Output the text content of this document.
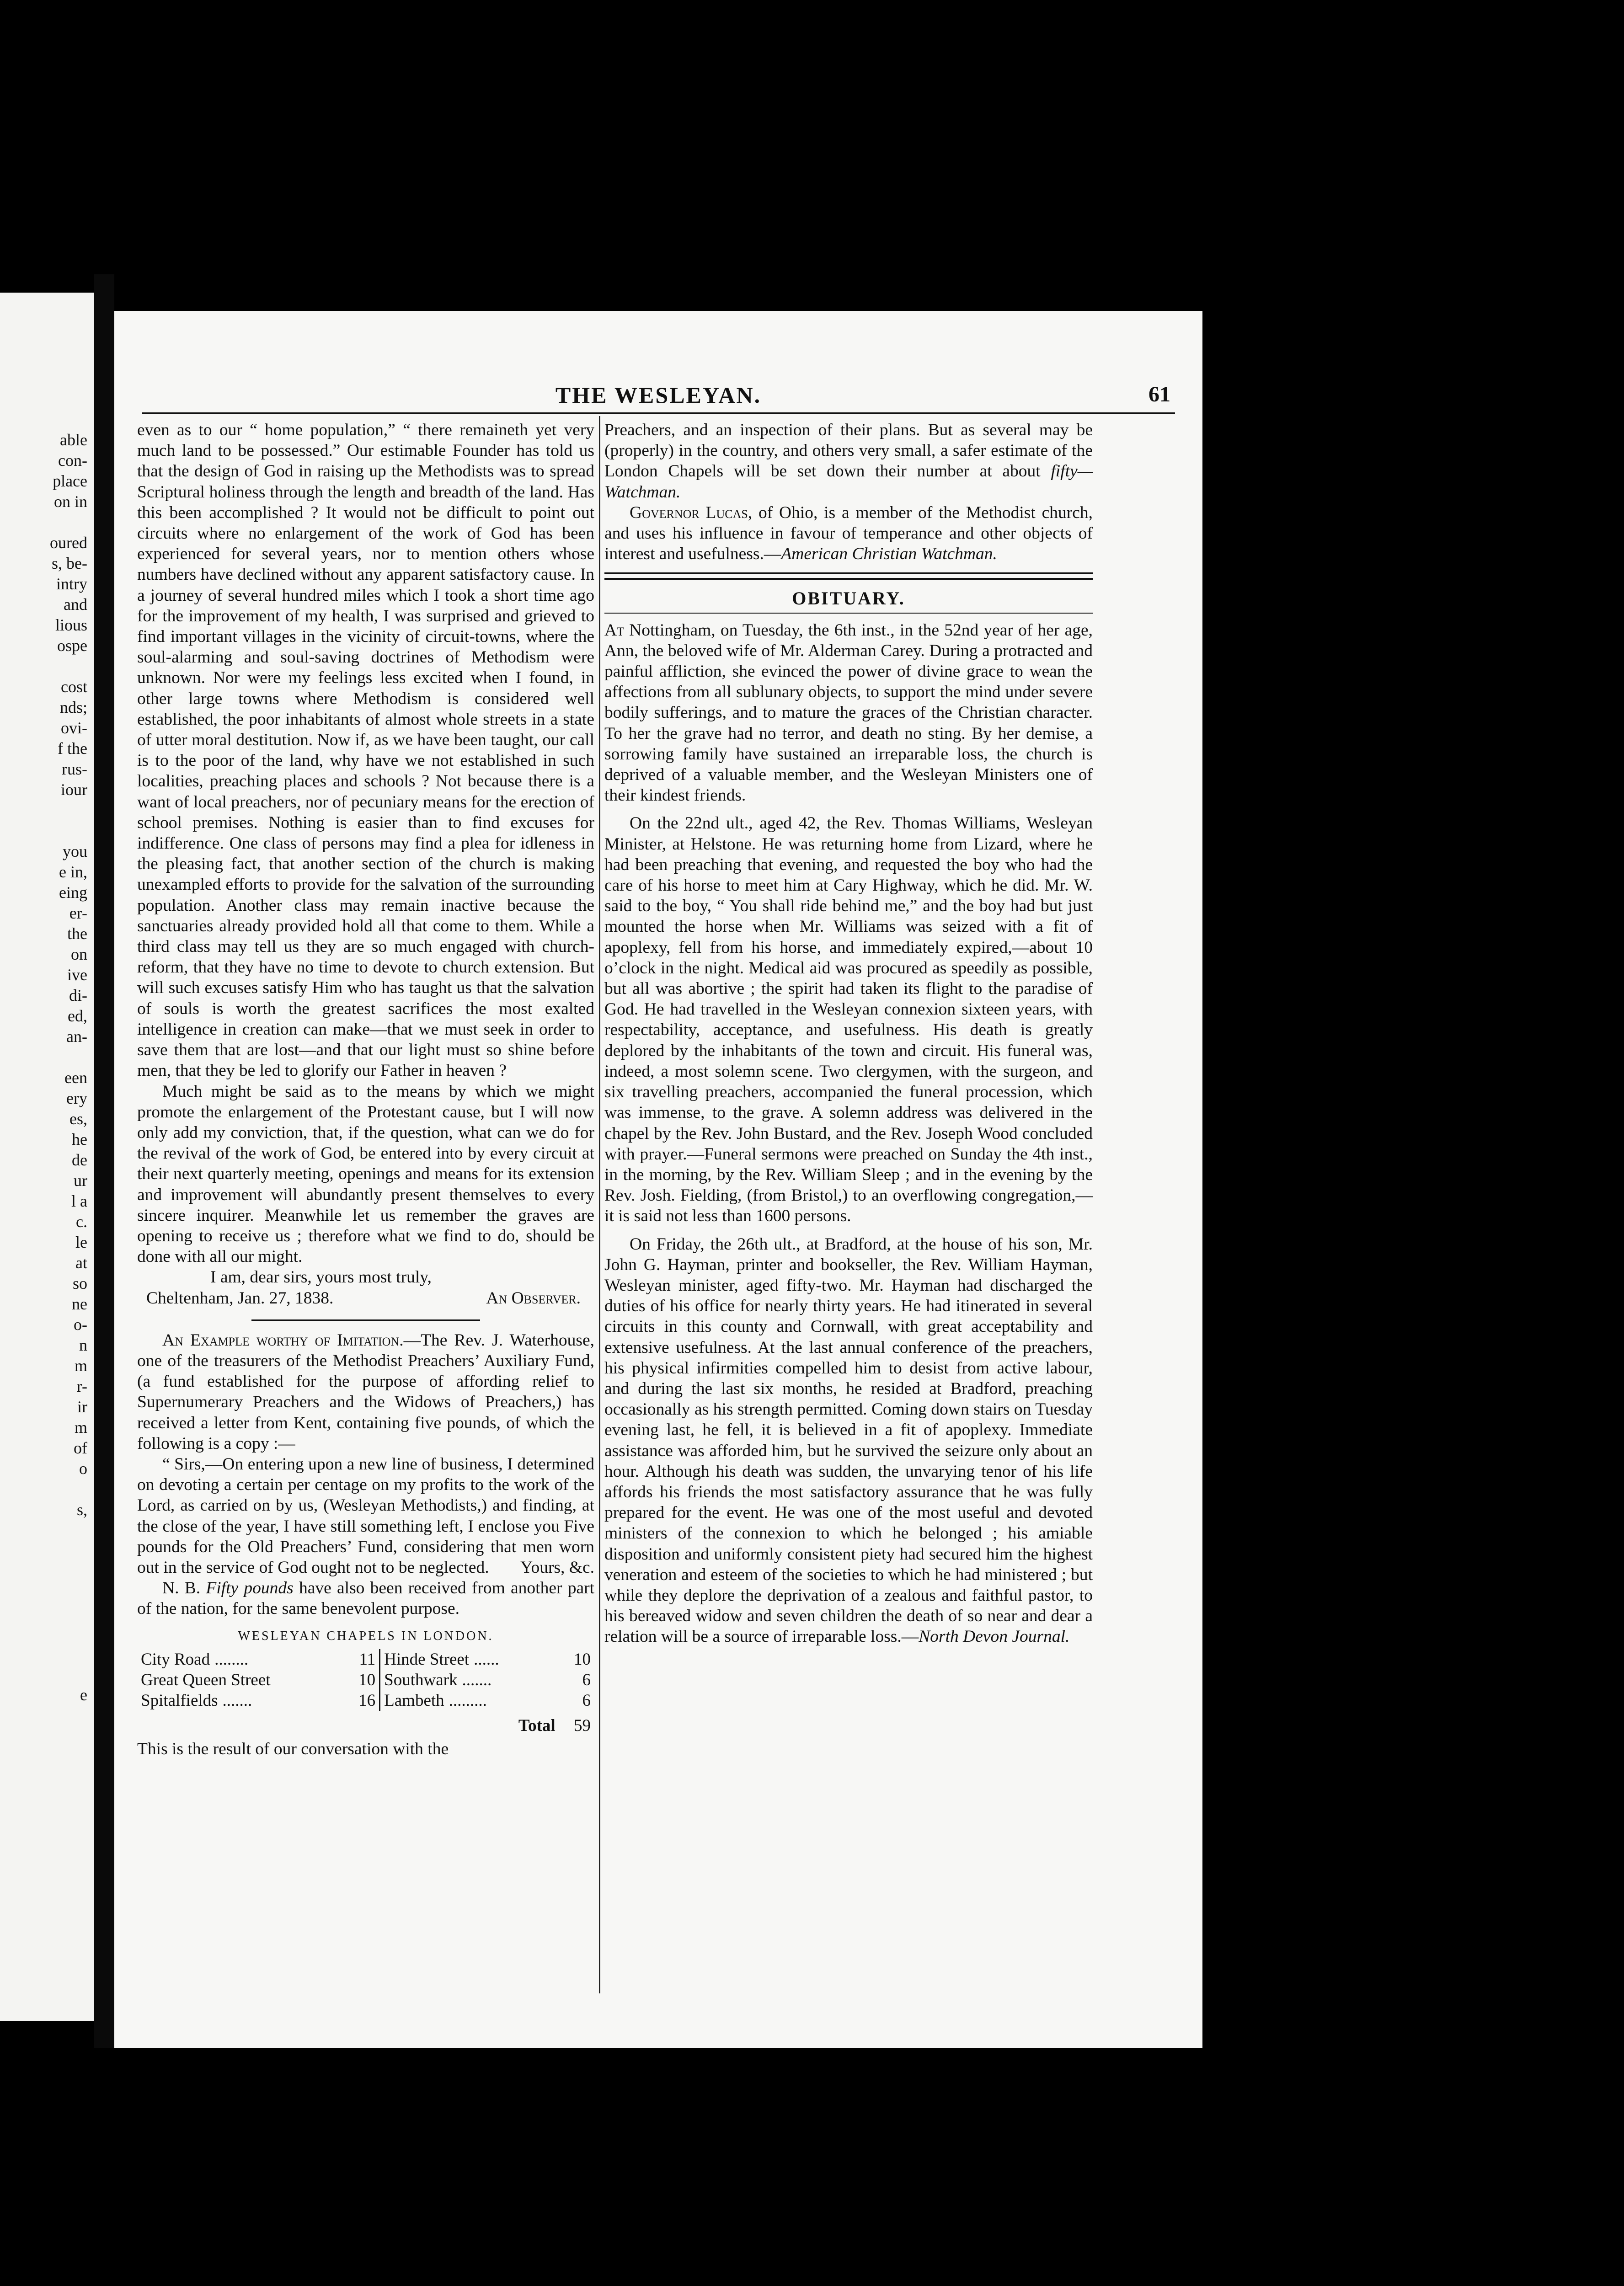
able
con-
place
on in
oured
s, be-
intry
and
lious
ospe
cost
nds;
ovi-
f the
rus-
iour
you
e in,
eing
er-
the
on
ive
di-
ed,
an-
een
ery
es,
he
de
ur
l a
c.
le
at
so
ne
o-
n
m
r-
ir
m
of
o
s,
e
THE WESLEYAN.	61

even as to our “ home population,” “ there remaineth yet very much land to be possessed.” Our estimable Founder has told us that the design of God in raising up the Methodists was to spread Scriptural holiness through the length and breadth of the land. Has this been accomplished ? It would not be difficult to point out circuits where no enlargement of the work of God has been experienced for several years, nor to mention others whose numbers have declined without any apparent satisfactory cause. In a journey of several hundred miles which I took a short time ago for the improvement of my health, I was surprised and grieved to find important villages in the vicinity of circuit-towns, where the soul-alarming and soul-saving doctrines of Methodism were unknown. Nor were my feelings less excited when I found, in other large towns where Methodism is considered well established, the poor inhabitants of almost whole streets in a state of utter moral destitution. Now if, as we have been taught, our call is to the poor of the land, why have we not established in such localities, preaching places and schools ? Not because there is a want of local preachers, nor of pecuniary means for the erection of school premises. Nothing is easier than to find excuses for indifference. One class of persons may find a plea for idleness in the pleasing fact, that another section of the church is making unexampled efforts to provide for the salvation of the surrounding population. Another class may remain inactive because the sanctuaries already provided hold all that come to them. While a third class may tell us they are so much engaged with church-reform, that they have no time to devote to church extension. But will such excuses satisfy Him who has taught us that the salvation of souls is worth the greatest sacrifices the most exalted intelligence in creation can make—that we must seek in order to save them that are lost—and that our light must so shine before men, that they be led to glorify our Father in heaven ?

Much might be said as to the means by which we might promote the enlargement of the Protestant cause, but I will now only add my conviction, that, if the question, what can we do for the revival of the work of God, be entered into by every circuit at their next quarterly meeting, openings and means for its extension and improvement will abundantly present themselves to every sincere inquirer. Meanwhile let us remember the graves are opening to receive us ; therefore what we find to do, should be done with all our might.

I am, dear sirs, yours most truly,

Cheltenham, Jan. 27, 1838.	An Observer.

An Example worthy of Imitation.—The Rev. J. Waterhouse, one of the treasurers of the Methodist Preachers’ Auxiliary Fund, (a fund established for the purpose of affording relief to Supernumerary Preachers and the Widows of Preachers,) has received a letter from Kent, containing five pounds, of which the following is a copy :—

“ Sirs,—On entering upon a new line of business, I determined on devoting a certain per centage on my profits to the work of the Lord, as carried on by us, (Wesleyan Methodists,) and finding, at the close of the year, I have still something left, I enclose you Five pounds for the Old Preachers’ Fund, considering that men worn out in the service of God ought not to be neglected.	Yours, &c.

N. B. Fifty pounds have also been received from another part of the nation, for the same benevolent purpose.

WESLEYAN CHAPELS IN LONDON.
City Road ........	11	Hinde Street ......	10
Great Queen Street	10	Southwark .......	6
Spitalfields .......	16	Lambeth .........	6
		Total	59

This is the result of our conversation with the

Preachers, and an inspection of their plans. But as several may be (properly) in the country, and others very small, a safer estimate of the London Chapels will be set down their number at about fifty—Watchman.

Governor Lucas, of Ohio, is a member of the Methodist church, and uses his influence in favour of temperance and other objects of interest and usefulness.—American Christian Watchman.

OBITUARY.

At Nottingham, on Tuesday, the 6th inst., in the 52nd year of her age, Ann, the beloved wife of Mr. Alderman Carey. During a protracted and painful affliction, she evinced the power of divine grace to wean the affections from all sublunary objects, to support the mind under severe bodily sufferings, and to mature the graces of the Christian character. To her the grave had no terror, and death no sting. By her demise, a sorrowing family have sustained an irreparable loss, the church is deprived of a valuable member, and the Wesleyan Ministers one of their kindest friends.

On the 22nd ult., aged 42, the Rev. Thomas Williams, Wesleyan Minister, at Helstone. He was returning home from Lizard, where he had been preaching that evening, and requested the boy who had the care of his horse to meet him at Cary Highway, which he did. Mr. W. said to the boy, “ You shall ride behind me,” and the boy had but just mounted the horse when Mr. Williams was seized with a fit of apoplexy, fell from his horse, and immediately expired,—about 10 o’clock in the night. Medical aid was procured as speedily as possible, but all was abortive ; the spirit had taken its flight to the paradise of God. He had travelled in the Wesleyan connexion sixteen years, with respectability, acceptance, and usefulness. His death is greatly deplored by the inhabitants of the town and circuit. His funeral was, indeed, a most solemn scene. Two clergymen, with the surgeon, and six travelling preachers, accompanied the funeral procession, which was immense, to the grave. A solemn address was delivered in the chapel by the Rev. John Bustard, and the Rev. Joseph Wood concluded with prayer.—Funeral sermons were preached on Sunday the 4th inst., in the morning, by the Rev. William Sleep ; and in the evening by the Rev. Josh. Fielding, (from Bristol,) to an overflowing congregation,—it is said not less than 1600 persons.

On Friday, the 26th ult., at Bradford, at the house of his son, Mr. John G. Hayman, printer and bookseller, the Rev. William Hayman, Wesleyan minister, aged fifty-two. Mr. Hayman had discharged the duties of his office for nearly thirty years. He had itinerated in several circuits in this county and Cornwall, with great acceptability and extensive usefulness. At the last annual conference of the preachers, his physical infirmities compelled him to desist from active labour, and during the last six months, he resided at Bradford, preaching occasionally as his strength permitted. Coming down stairs on Tuesday evening last, he fell, it is believed in a fit of apoplexy. Immediate assistance was afforded him, but he survived the seizure only about an hour. Although his death was sudden, the unvarying tenor of his life affords his friends the most satisfactory assurance that he was fully prepared for the event. He was one of the most useful and devoted ministers of the connexion to which he belonged ; his amiable disposition and uniformly consistent piety had secured him the highest veneration and esteem of the societies to which he had ministered ; but while they deplore the deprivation of a zealous and faithful pastor, to his bereaved widow and seven children the death of so near and dear a relation will be a source of irreparable loss.—North Devon Journal.
